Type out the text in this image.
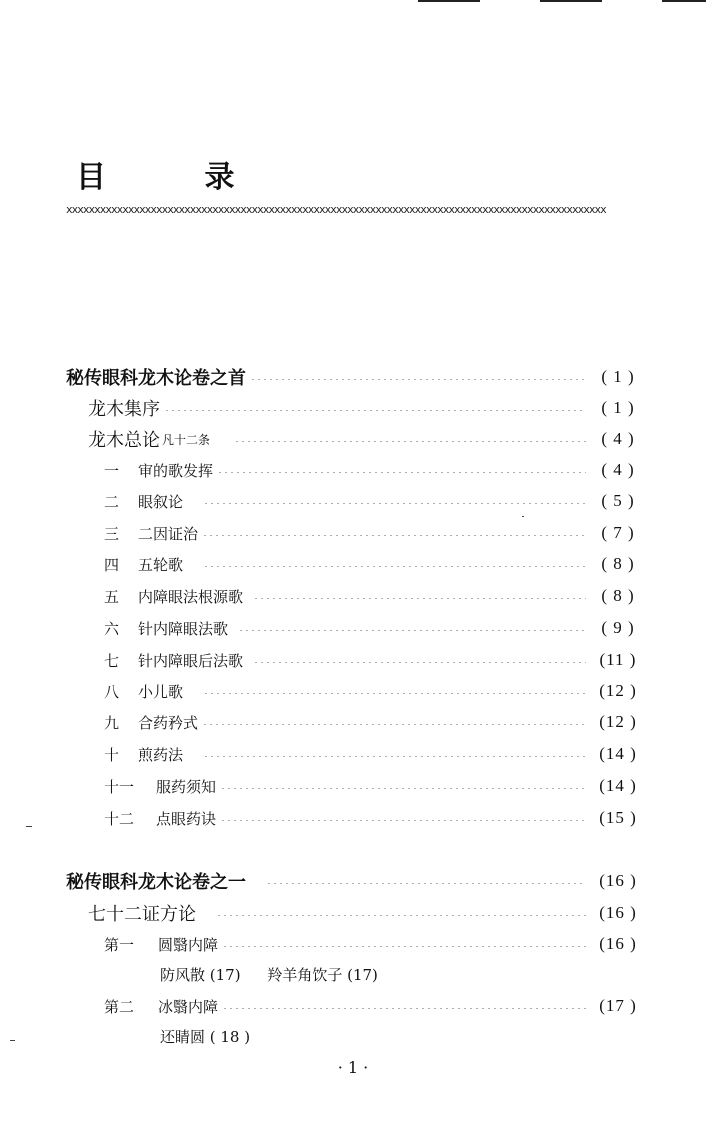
目 录
xxxxxxxxxxxxxxxxxxxxxxxxxxxxxxxxxxxxxxxxxxxxxxxxxxxxxxxxxxxxxxxxxxxxxxxxxxxxxxxxxxxxxxxxxxxxxxxx
秘传眼科龙木论卷之首	( 1 )
龙木集序	( 1 )
龙木总论 凡十二条	( 4 )
一	审的歌发挥	( 4 )
二	眼叙论	( 5 )
三	二因证治	( 7 )
四	五轮歌	( 8 )
五	内障眼法根源歌	( 8 )
六	针内障眼法歌	( 9 )
七	针内障眼后法歌	(11 )
八	小儿歌	(12 )
九	合药矜式	(12 )
十	煎药法	(14 )
十一	服药须知	(14 )
十二	点眼药诀	(15 )
秘传眼科龙木论卷之一	(16 )
七十二证方论	(16 )
第一	圆翳内障	(16 )
防风散 (17) 羚羊角饮子 (17)
第二	冰翳内障	(17 )
还睛圆 ( 18 )
· 1 ·
